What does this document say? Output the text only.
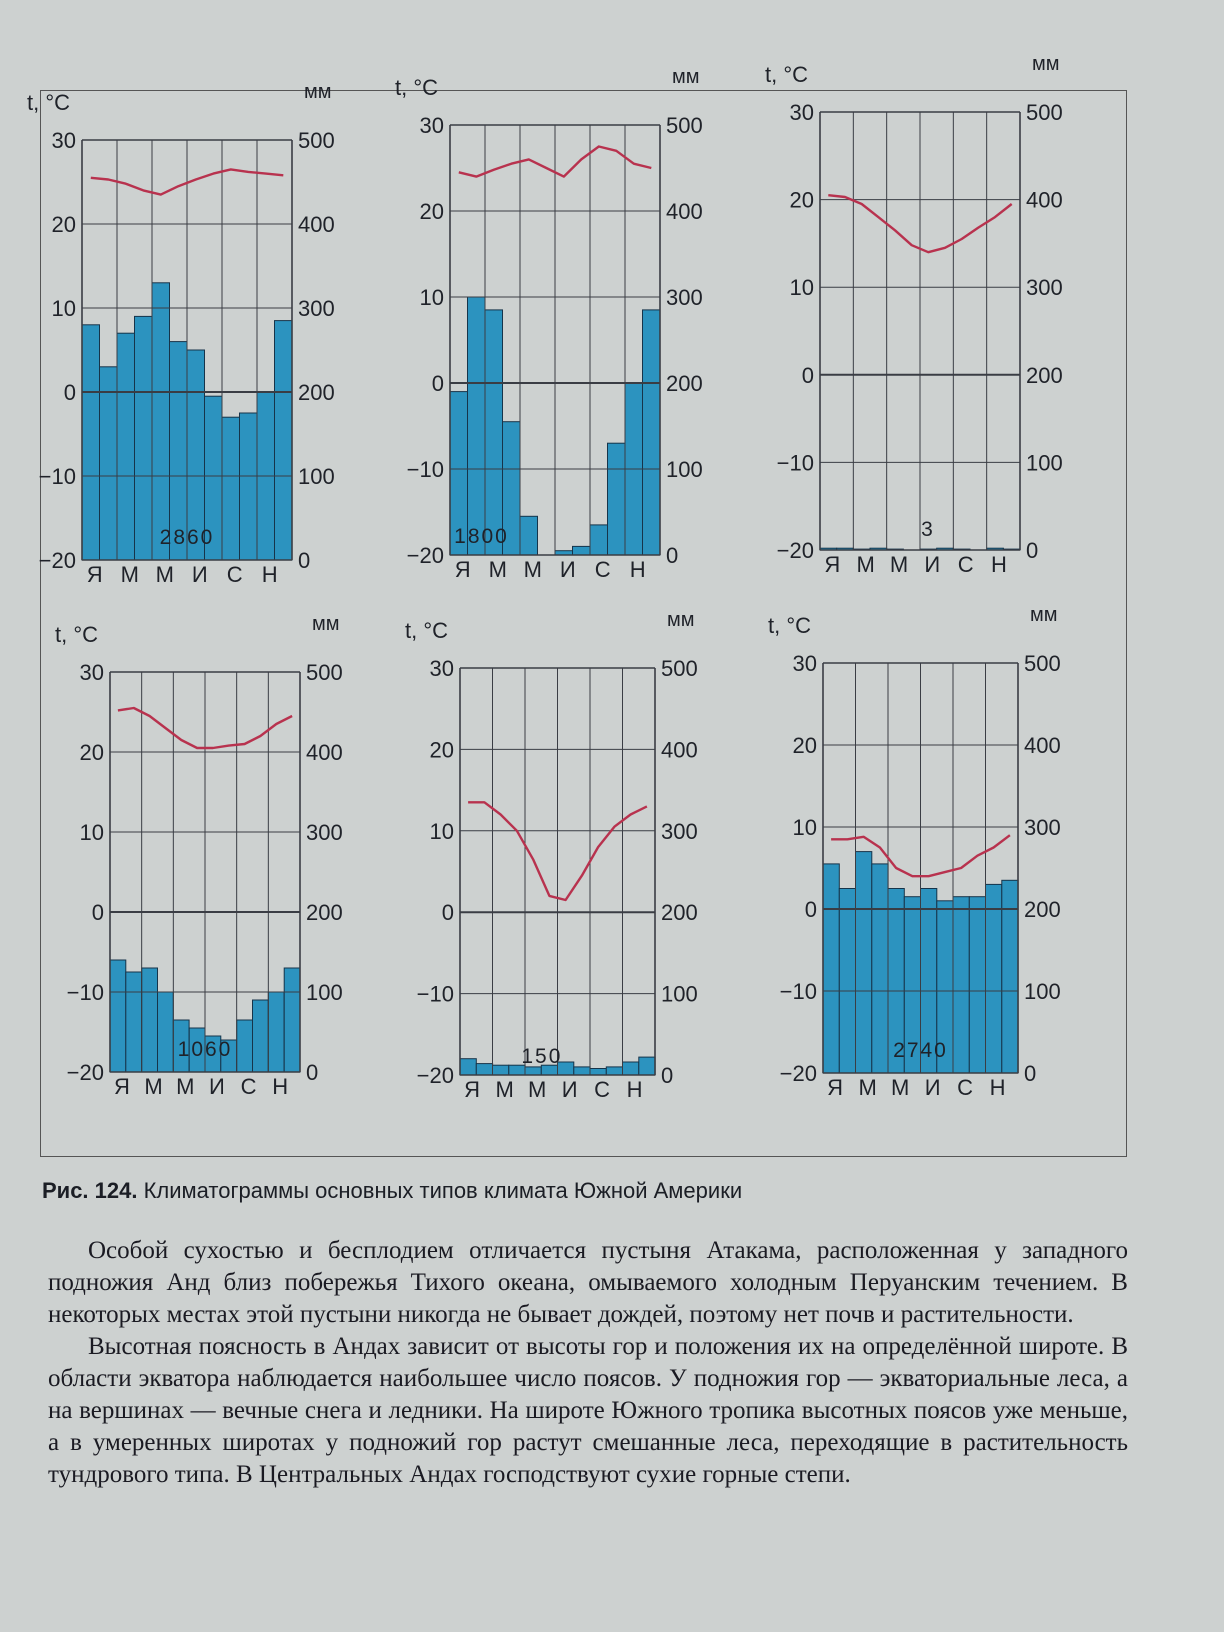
30
20
10
0
−10
−20
500
400
300
200
100
0
t, °C	мм
Я М М И С Н
2860
30
20
10
0
−10
−20
500
400
300
200
100
0
t, °C	мм
Я М М И С Н
1800
30
20
10
0
−10
−20
500
400
300
200
100
0
t, °C	мм
Я М М И С Н
3
30
20
10
0
−10
−20
500
400
300
200
100
0
t, °C	мм
Я М М И С Н
1060
30
20
10
0
−10
−20
500
400
300
200
100
0
t, °C	мм
Я М М И С Н
150
30
20
10
0
−10
−20
500
400
300
200
100
0
t, °C	мм
Я М М И С Н
2740
Рис. 124. Климатограммы основных типов климата Южной Америки

Особой сухостью и бесплодием отличается пустыня Атакама, расположенная у западного подножия Анд близ побережья Тихого океана, омываемого холодным Перуанским течением. В некоторых местах этой пустыни никогда не бывает дождей, поэтому нет почв и растительности.

Высотная поясность в Андах зависит от высоты гор и положения их на определённой широте. В области экватора наблюдается наибольшее число поясов. У подножия гор — экваториальные леса, а на вершинах — вечные снега и ледники. На широте Южного тропика высотных поясов уже меньше, а в умеренных широтах у подножий гор растут смешанные леса, переходящие в растительность тундрового типа. В Центральных Андах господствуют сухие горные степи.
